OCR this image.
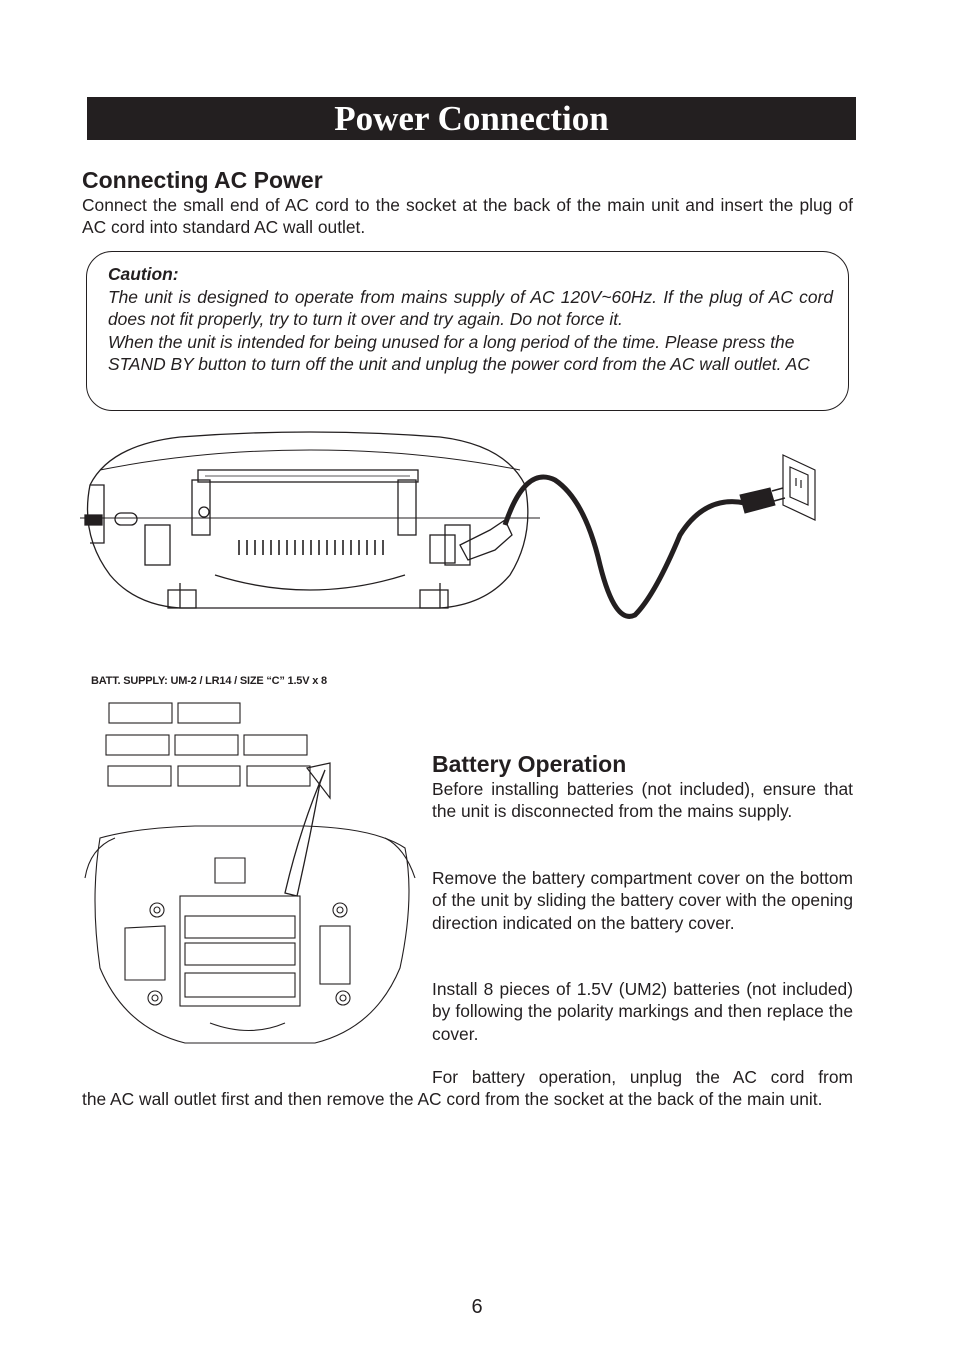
Power Connection
Connecting AC Power

Connect the small end of AC cord to the socket at the back of the main unit and insert the plug of AC cord into standard AC wall outlet.

Caution:
The unit is designed to operate from mains supply of AC 120V~60Hz. If the plug of AC cord does not fit properly, try to turn it over and try again. Do not force it.
When the unit is intended for being unused for a long period of the time. Please press the STAND BY button to turn off the unit and unplug the power cord from the AC wall outlet. AC
BATT. SUPPLY: UM-2 / LR14 / SIZE “C” 1.5V x 8
Battery Operation

Before installing batteries (not included), ensure that the unit is disconnected from the mains supply.

Remove the battery compartment cover on the bottom of the unit by sliding the battery cover with the opening direction indicated on the battery cover.

Install 8 pieces of 1.5V (UM2) batteries (not included) by following the polarity markings and then replace the cover.

For battery operation, unplug the AC cord from

the AC wall outlet first and then remove the AC cord from the socket at the back of the main unit.

6
